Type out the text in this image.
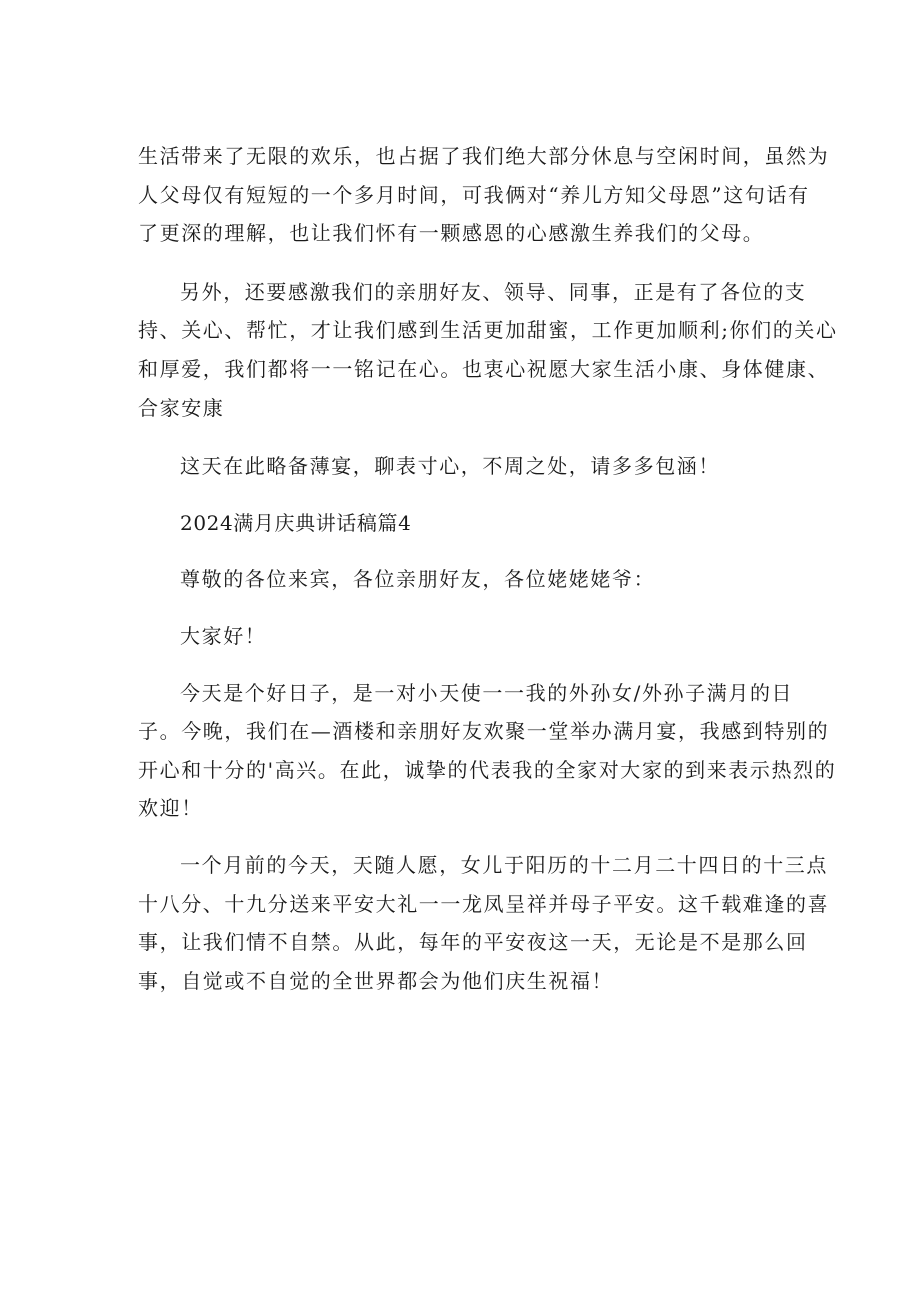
生活带来了无限的欢乐，也占据了我们绝大部分休息与空闲时间，虽然为
人父母仅有短短的一个多月时间，可我俩对“养儿方知父母恩”这句话有
了更深的理解，也让我们怀有一颗感恩的心感激生养我们的父母。
另外，还要感激我们的亲朋好友、领导、同事，正是有了各位的支
持、关心、帮忙，才让我们感到生活更加甜蜜，工作更加顺利;你们的关心
和厚爱，我们都将一一铭记在心。也衷心祝愿大家生活小康、身体健康、
合家安康
这天在此略备薄宴，聊表寸心，不周之处，请多多包涵！
2024满月庆典讲话稿篇4
尊敬的各位来宾，各位亲朋好友，各位姥姥姥爷：
大家好！
今天是个好日子，是一对小天使一一我的外孙女/外孙子满月的日
子。今晚，我们在—酒楼和亲朋好友欢聚一堂举办满月宴，我感到特别的
开心和十分的'高兴。在此，诚挚的代表我的全家对大家的到来表示热烈的
欢迎！
一个月前的今天，天随人愿，女儿于阳历的十二月二十四日的十三点
十八分、十九分送来平安大礼一一龙凤呈祥并母子平安。这千载难逢的喜
事，让我们情不自禁。从此，每年的平安夜这一天，无论是不是那么回
事，自觉或不自觉的全世界都会为他们庆生祝福！
